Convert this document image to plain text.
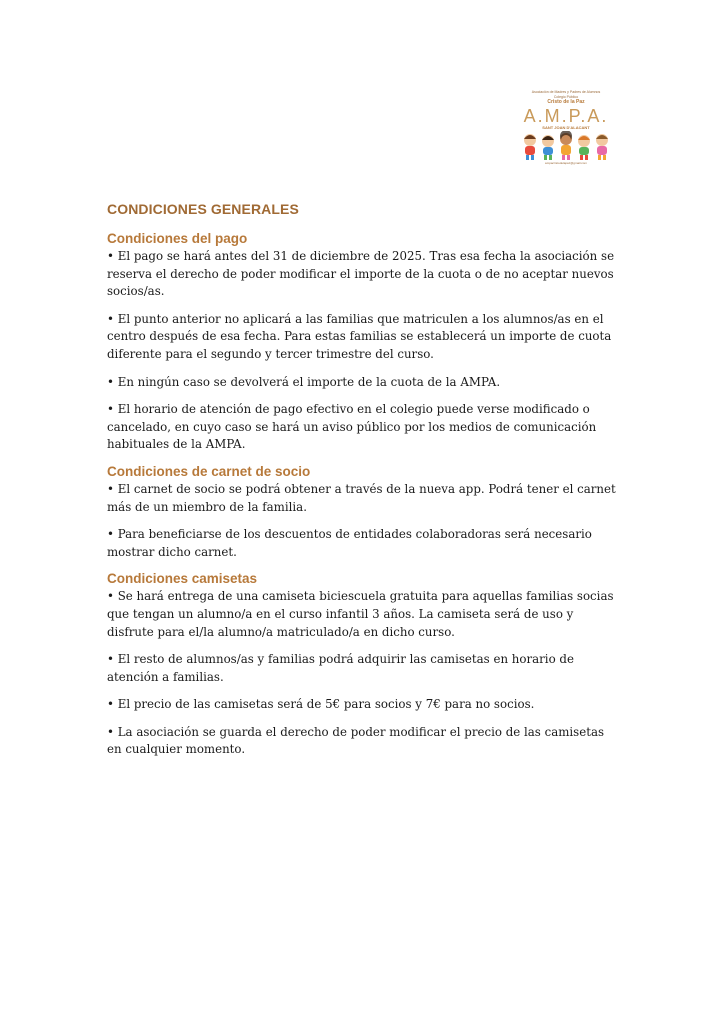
Asociación de Madres y Padres de Alumnos Colegio Público
Cristo de la Paz
A.M.P.A.
SANT JOAN D'ALACANT
ampacristodelapaz@gmail.com
CONDICIONES GENERALES
Condiciones del pago

• El pago se hará antes del 31 de diciembre de 2025. Tras esa fecha la asociación se reserva el derecho de poder modificar el importe de la cuota o de no aceptar nuevos socios/as.

• El punto anterior no aplicará a las familias que matriculen a los alumnos/as en el centro después de esa fecha. Para estas familias se establecerá un importe de cuota diferente para el segundo y tercer trimestre del curso.

• En ningún caso se devolverá el importe de la cuota de la AMPA.

• El horario de atención de pago efectivo en el colegio puede verse modificado o cancelado, en cuyo caso se hará un aviso público por los medios de comunicación habituales de la AMPA.

Condiciones de carnet de socio

• El carnet de socio se podrá obtener a través de la nueva app. Podrá tener el carnet más de un miembro de la familia.

• Para beneficiarse de los descuentos de entidades colaboradoras será necesario mostrar dicho carnet.

Condiciones camisetas

• Se hará entrega de una camiseta biciescuela gratuita para aquellas familias socias que tengan un alumno/a en el curso infantil 3 años. La camiseta será de uso y disfrute para el/la alumno/a matriculado/a en dicho curso.

• El resto de alumnos/as y familias podrá adquirir las camisetas en horario de atención a familias.

• El precio de las camisetas será de 5€ para socios y 7€ para no socios.

• La asociación se guarda el derecho de poder modificar el precio de las camisetas en cualquier momento.
